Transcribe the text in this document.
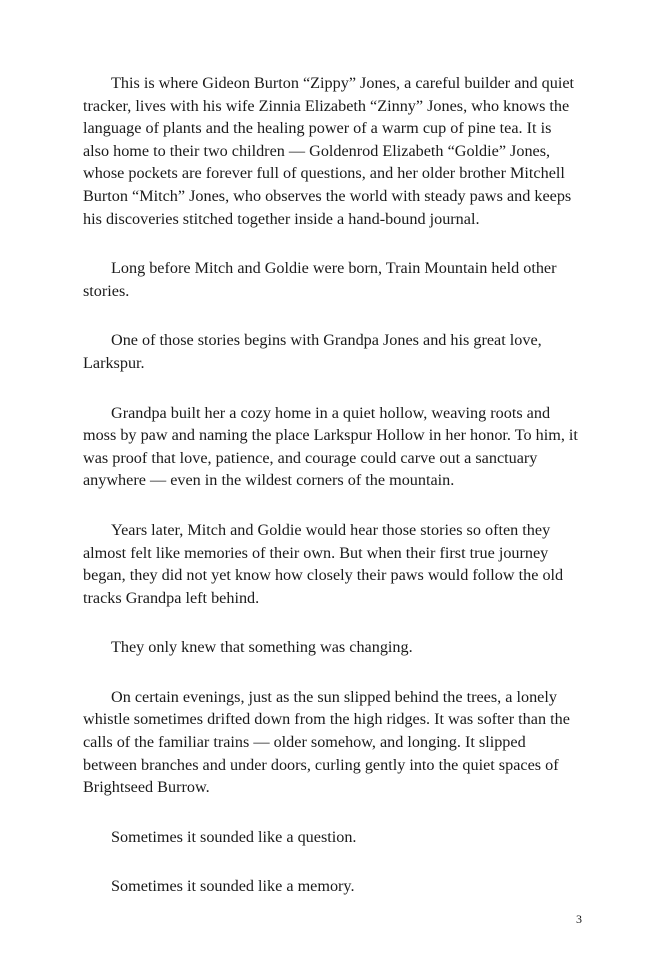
This is where Gideon Burton “Zippy” Jones, a careful builder and quiet tracker, lives with his wife Zinnia Elizabeth “Zinny” Jones, who knows the language of plants and the healing power of a warm cup of pine tea. It is also home to their two children — Goldenrod Elizabeth “Goldie” Jones, whose pockets are forever full of questions, and her older brother Mitchell Burton “Mitch” Jones, who observes the world with steady paws and keeps his discoveries stitched together inside a hand-bound journal.

Long before Mitch and Goldie were born, Train Mountain held other stories.

One of those stories begins with Grandpa Jones and his great love, Larkspur.

Grandpa built her a cozy home in a quiet hollow, weaving roots and moss by paw and naming the place Larkspur Hollow in her honor. To him, it was proof that love, patience, and courage could carve out a sanctuary anywhere — even in the wildest corners of the mountain.

Years later, Mitch and Goldie would hear those stories so often they almost felt like memories of their own. But when their first true journey began, they did not yet know how closely their paws would follow the old tracks Grandpa left behind.

They only knew that something was changing.

On certain evenings, just as the sun slipped behind the trees, a lonely whistle sometimes drifted down from the high ridges. It was softer than the calls of the familiar trains — older somehow, and longing. It slipped between branches and under doors, curling gently into the quiet spaces of Brightseed Burrow.

Sometimes it sounded like a question.

Sometimes it sounded like a memory.

3
